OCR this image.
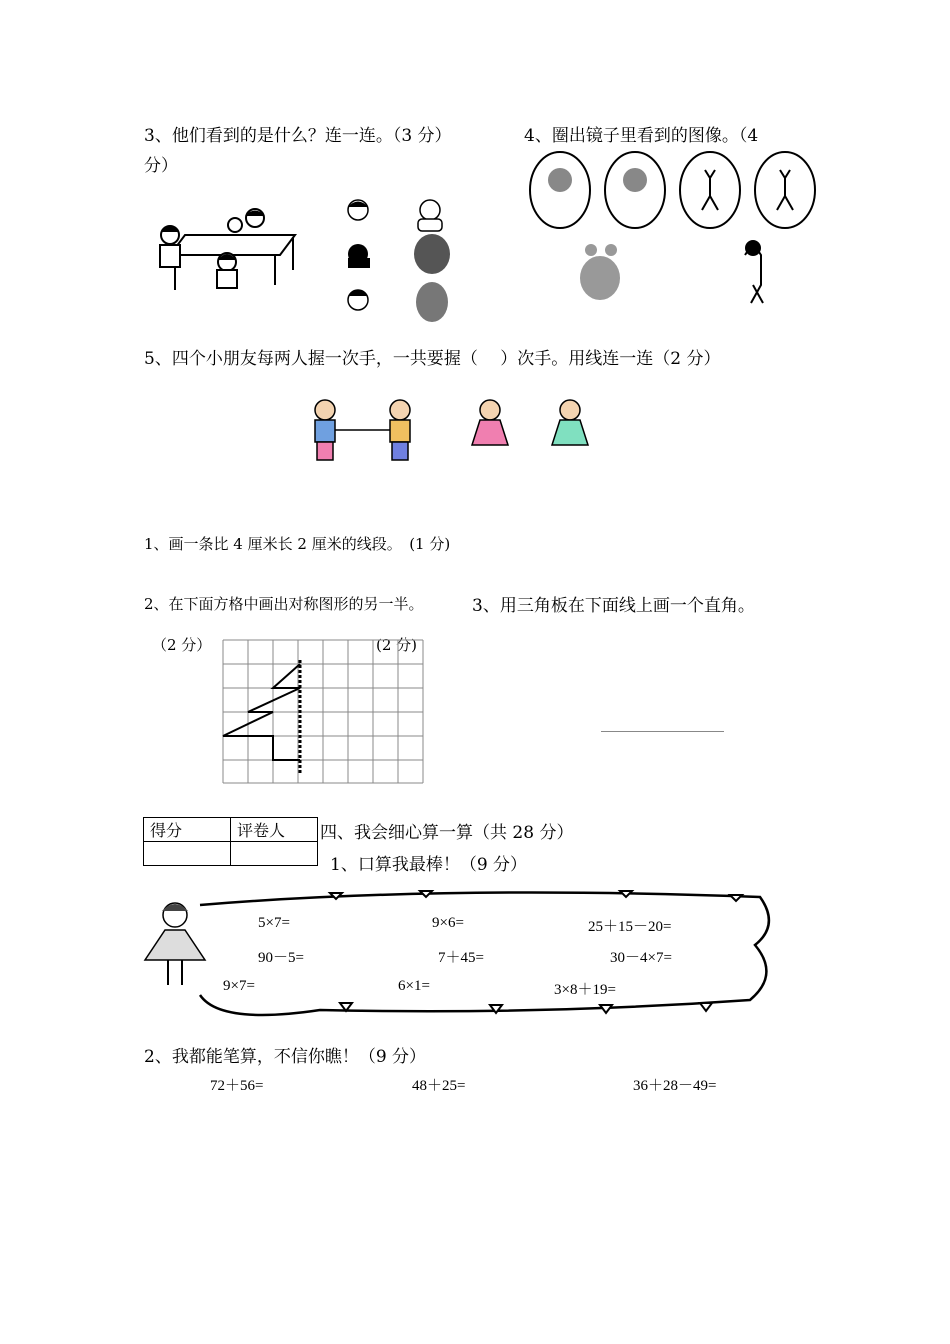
3、他们看到的是什么？连一连。（3 分）	4、圈出镜子里看到的图像。（4
分）
5、四个小朋友每两人握一次手，一共要握（　 ）次手。用线连一连（2 分）
1、画一条比 4 厘米长 2 厘米的线段。　(1 分)
2、在下面方格中画出对称图形的另一半。	3、用三角板在下面线上画一个直角。
（2 分）	(2 分)
得分	评卷人
	四、我会细心算一算（共 28 分）
1、口算我最棒！（9 分）
5×7=	9×6=	25＋15－20=
90－5=	7＋45=	30－4×7=
9×7=	6×1=	3×8＋19=
2、我都能笔算，不信你瞧！（9 分）
72＋56=	48＋25=	36＋28－49=
